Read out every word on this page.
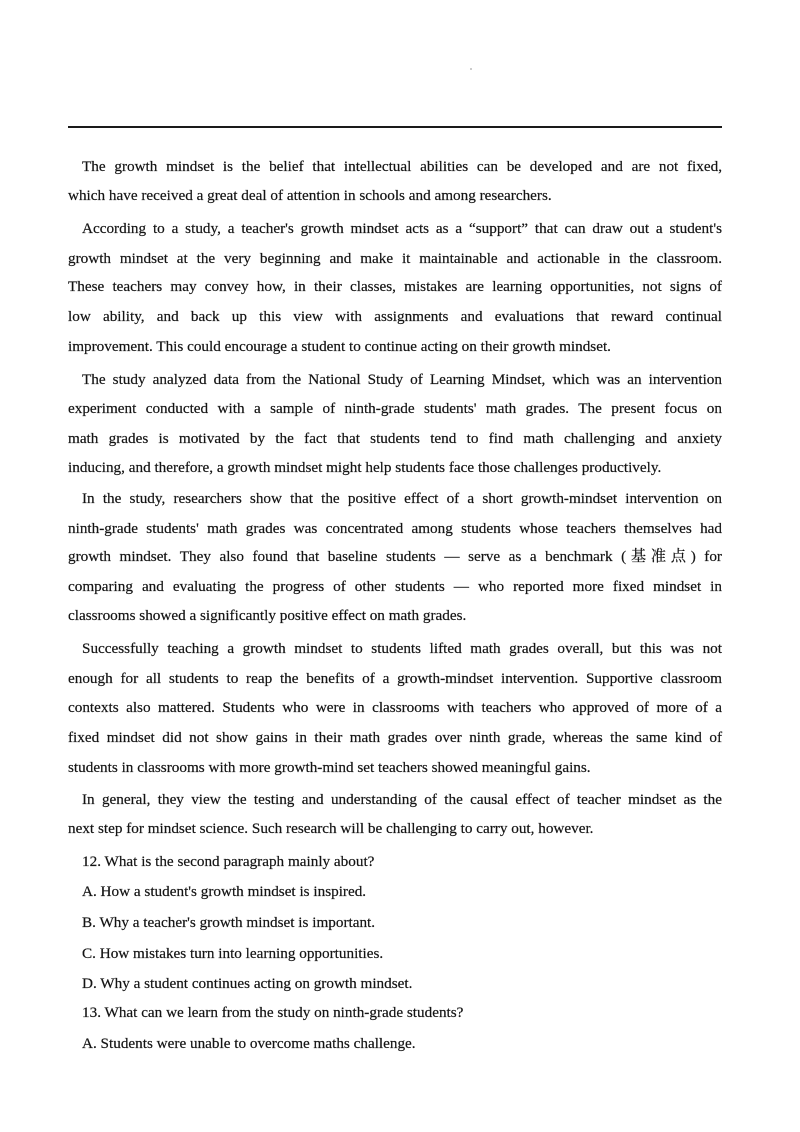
The growth mindset is the belief that intellectual abilities can be developed and are not fixed,
which have received a great deal of attention in schools and among researchers.
According to a study, a teacher's growth mindset acts as a “support” that can draw out a student's
growth mindset at the very beginning and make it maintainable and actionable in the classroom.
These teachers may convey how, in their classes, mistakes are learning opportunities, not signs of
low ability, and back up this view with assignments and evaluations that reward continual
improvement. This could encourage a student to continue acting on their growth mindset.
The study analyzed data from the National Study of Learning Mindset, which was an intervention
experiment conducted with a sample of ninth-grade students' math grades. The present focus on
math grades is motivated by the fact that students tend to find math challenging and anxiety
inducing, and therefore, a growth mindset might help students face those challenges productively.
In the study, researchers show that the positive effect of a short growth-mindset intervention on
ninth-grade students' math grades was concentrated among students whose teachers themselves had
growth mindset. They also found that baseline students — serve as a benchmark (基准点) for
comparing and evaluating the progress of other students — who reported more fixed mindset in
classrooms showed a significantly positive effect on math grades.
Successfully teaching a growth mindset to students lifted math grades overall, but this was not
enough for all students to reap the benefits of a growth-mindset intervention. Supportive classroom
contexts also mattered. Students who were in classrooms with teachers who approved of more of a
fixed mindset did not show gains in their math grades over ninth grade, whereas the same kind of
students in classrooms with more growth-mind set teachers showed meaningful gains.
In general, they view the testing and understanding of the causal effect of teacher mindset as the
next step for mindset science. Such research will be challenging to carry out, however.
12. What is the second paragraph mainly about?
A. How a student's growth mindset is inspired.
B. Why a teacher's growth mindset is important.
C. How mistakes turn into learning opportunities.
D. Why a student continues acting on growth mindset.
13. What can we learn from the study on ninth-grade students?
A. Students were unable to overcome maths challenge.
